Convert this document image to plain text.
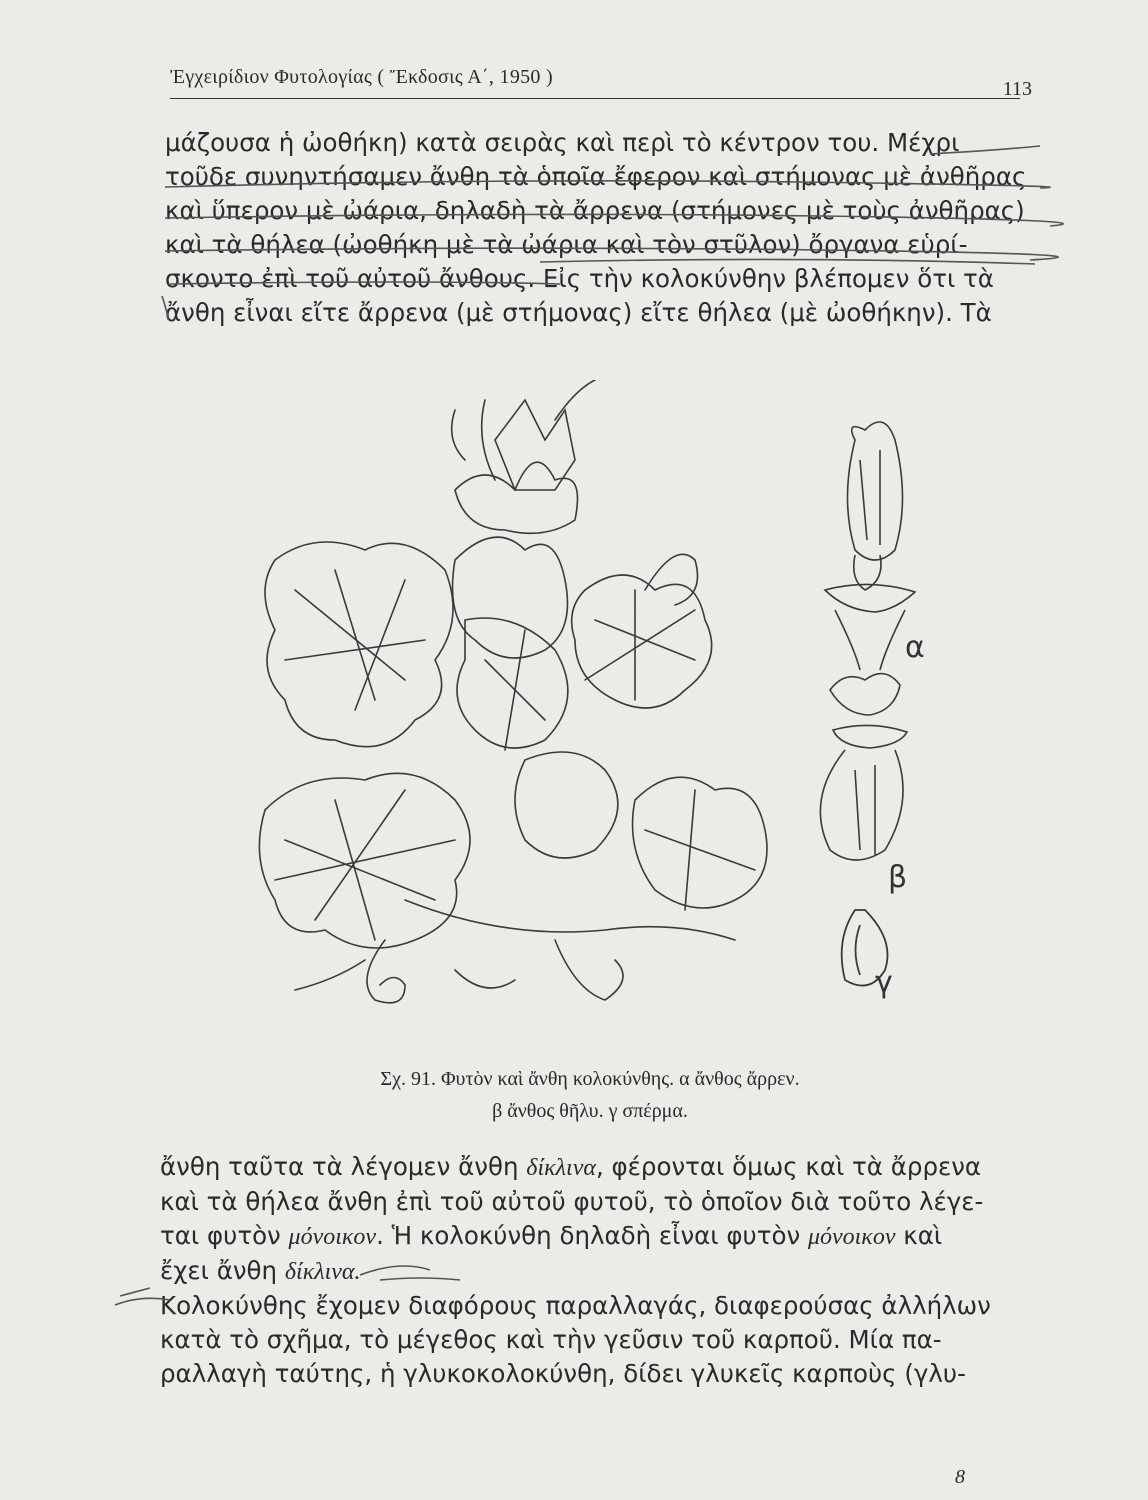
Ἐγχειρίδιον Φυτολογίας ( Ἔκδοσις Α΄, 1950 )
113
μάζουσα ἡ ὠοθήκη) κατὰ σειρὰς καὶ περὶ τὸ κέντρον του. Μέχρι
τοῦδε συνηντήσαμεν ἄνθη τὰ ὁποῖα ἔφερον καὶ στήμονας μὲ ἀνθῆρας
καὶ ὕπερον μὲ ὠάρια, δηλαδὴ τὰ ἄρρενα (στήμονες μὲ τοὺς ἀνθῆρας)
καὶ τὰ θήλεα (ὠοθήκη μὲ τὰ ὠάρια καὶ τὸν στῦλον) ὄργανα εὑρί-
σκοντο ἐπὶ τοῦ αὐτοῦ ἄνθους. Εἰς τὴν κολοκύνθην βλέπομεν ὅτι τὰ
ἄνθη εἶναι εἴτε ἄρρενα (μὲ στήμονας) εἴτε θήλεα (μὲ ὠοθήκην). Τὰ
α
β
γ
Σχ. 91. Φυτὸν καὶ ἄνθη κολοκύνθης. α ἄνθος ἄρρεν.
β ἄνθος θῆλυ. γ σπέρμα.
ἄνθη ταῦτα τὰ λέγομεν ἄνθη δίκλινα, φέρονται ὅμως καὶ τὰ ἄρρενα
καὶ τὰ θήλεα ἄνθη ἐπὶ τοῦ αὐτοῦ φυτοῦ, τὸ ὁποῖον διὰ τοῦτο λέγε-
ται φυτὸν μόνοικον. Ἡ κολοκύνθη δηλαδὴ εἶναι φυτὸν μόνοικον καὶ
ἔχει ἄνθη δίκλινα.
Κολοκύνθης ἔχομεν διαφόρους παραλλαγάς, διαφερούσας ἀλλήλων
κατὰ τὸ σχῆμα, τὸ μέγεθος καὶ τὴν γεῦσιν τοῦ καρποῦ. Μία πα-
ραλλαγὴ ταύτης, ἡ γλυκοκολοκύνθη, δίδει γλυκεῖς καρποὺς (γλυ-
8
